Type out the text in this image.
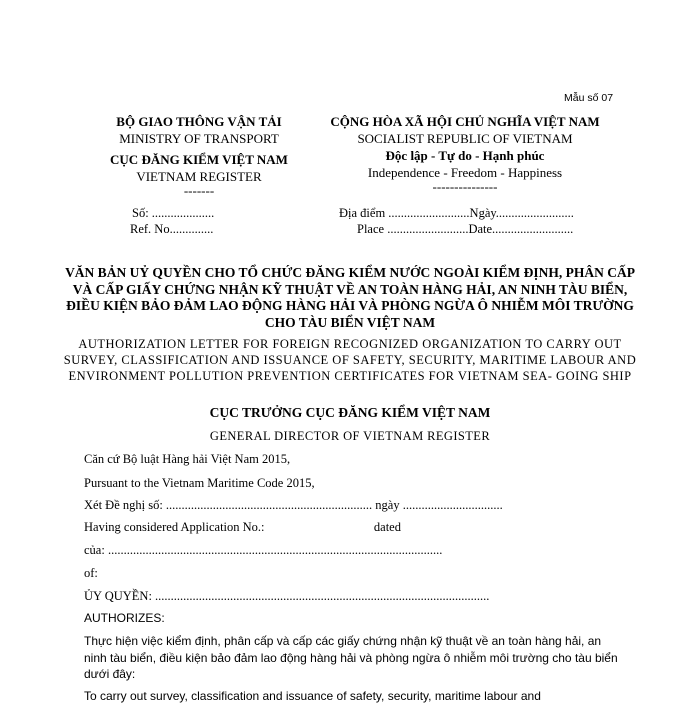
Mẫu số 07
BỘ GIAO THÔNG VẬN TẢI
MINISTRY OF TRANSPORT
CỤC ĐĂNG KIỂM VIỆT NAM
VIETNAM REGISTER
-------
CỘNG HÒA XÃ HỘI CHỦ NGHĨA VIỆT NAM
SOCIALIST REPUBLIC OF VIETNAM
Độc lập - Tự do - Hạnh phúc
Independence - Freedom - Happiness
---------------
Số: ....................
Ref. No..............
Địa điểm ..........................Ngày.........................
Place ..........................Date..........................
VĂN BẢN UỶ QUYỀN CHO TỔ CHỨC ĐĂNG KIỂM NƯỚC NGOÀI KIỂM ĐỊNH, PHÂN CẤP VÀ CẤP GIẤY CHỨNG NHẬN KỸ THUẬT VỀ AN TOÀN HÀNG HẢI, AN NINH TÀU BIỂN, ĐIỀU KIỆN BẢO ĐẢM LAO ĐỘNG HÀNG HẢI VÀ PHÒNG NGỪA Ô NHIỄM MÔI TRƯỜNG CHO TÀU BIỂN VIỆT NAM
AUTHORIZATION LETTER FOR FOREIGN RECOGNIZED ORGANIZATION TO CARRY OUT SURVEY, CLASSIFICATION AND ISSUANCE OF SAFETY, SECURITY, MARITIME LABOUR AND ENVIRONMENT POLLUTION PREVENTION CERTIFICATES FOR VIETNAM SEA- GOING SHIP
CỤC TRƯỞNG CỤC ĐĂNG KIỂM VIỆT NAM
GENERAL DIRECTOR OF VIETNAM REGISTER
Căn cứ Bộ luật Hàng hải Việt Nam 2015,
Pursuant to the Vietnam Maritime Code 2015,
Xét Đề nghị số: .................................................................. ngày ................................
Having considered Application No.:                                   dated
của: ...........................................................................................................
of:
ỦY QUYỀN: ...........................................................................................................
AUTHORIZES:
Thực hiện việc kiểm định, phân cấp và cấp các giấy chứng nhận kỹ thuật về an toàn hàng hải, an ninh tàu biển, điều kiện bảo đảm lao động hàng hải và phòng ngừa ô nhiễm môi trường cho tàu biển dưới đây:
To carry out survey, classification and issuance of safety, security, maritime labour and
